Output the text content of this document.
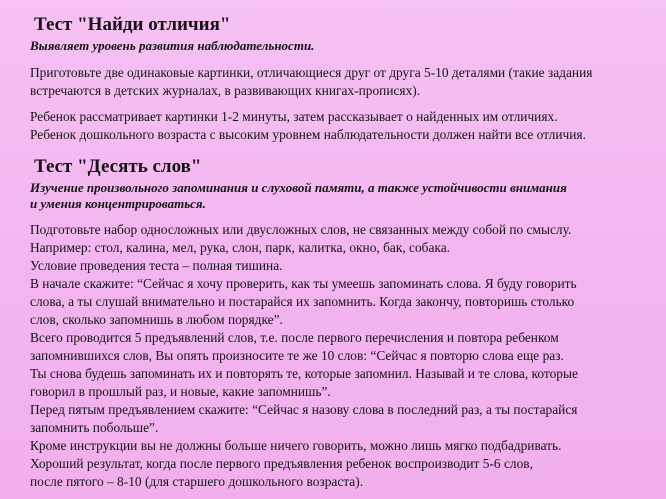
Тест "Найди отличия"
Выявляет уровень развития наблюдательности.
Приготовьте две одинаковые картинки, отличающиеся друг от друга 5-10 деталями (такие задания
встречаются в детских журналах, в развивающих книгах-прописях).
Ребенок рассматривает картинки 1-2 минуты, затем рассказывает о найденных им отличиях.
Ребенок дошкольного возраста с высоким уровнем наблюдательности должен найти все отличия.
Тест "Десять слов"
Изучение произвольного запоминания и слуховой памяти, а также устойчивости внимания
и умения концентрироваться.
Подготовьте набор односложных или двусложных слов, не связанных между собой по смыслу.
Например: стол, калина, мел, рука, слон, парк, калитка, окно, бак, собака.
Условие проведения теста – полная тишина.
В начале скажите: “Сейчас я хочу проверить, как ты умеешь запоминать слова. Я буду говорить
слова, а ты слушай внимательно и постарайся их запомнить. Когда закончу, повторишь столько
слов, сколько запомнишь в любом порядке”.
Всего проводится 5 предъявлений слов, т.е. после первого перечисления и повтора ребенком
запомнившихся слов, Вы опять произносите те же 10 слов: “Сейчас я повторю слова еще раз.
Ты снова будешь запоминать их и повторять те, которые запомнил. Называй и те слова, которые
говорил в прошлый раз, и новые, какие запомнишь”.
Перед пятым предъявлением скажите: “Сейчас я назову слова в последний раз, а ты постарайся
запомнить побольше”.
Кроме инструкции вы не должны больше ничего говорить, можно лишь мягко подбадривать.
Хороший результат, когда после первого предъявления ребенок воспроизводит 5-6 слов,
после пятого – 8-10 (для старшего дошкольного возраста).
